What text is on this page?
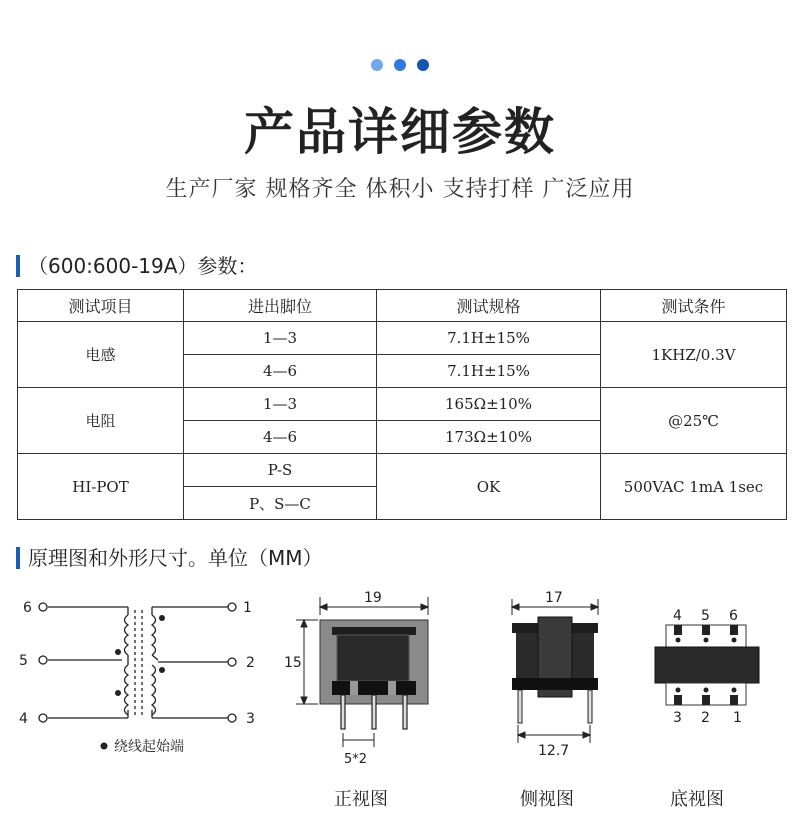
产品详细参数
生产厂家 规格齐全 体积小 支持打样 广泛应用
（600:600-19A）参数：
测试项目	进出脚位	测试规格	测试条件
电感	1—3	7.1H±15%	1KHZ/0.3V
	4—6	7.1H±15%	
电阻	1—3	165Ω±10%	@25℃
	4—6	173Ω±10%	
HI-POT	P-S	OK	500VAC 1mA 1sec
	P、S—C		
原理图和外形尺寸。单位（MM）
6
5
4
1
2
3
绕线起始端
19
15
5*2
正视图
17
12.7
侧视图
4 5 6
3 2 1
底视图
